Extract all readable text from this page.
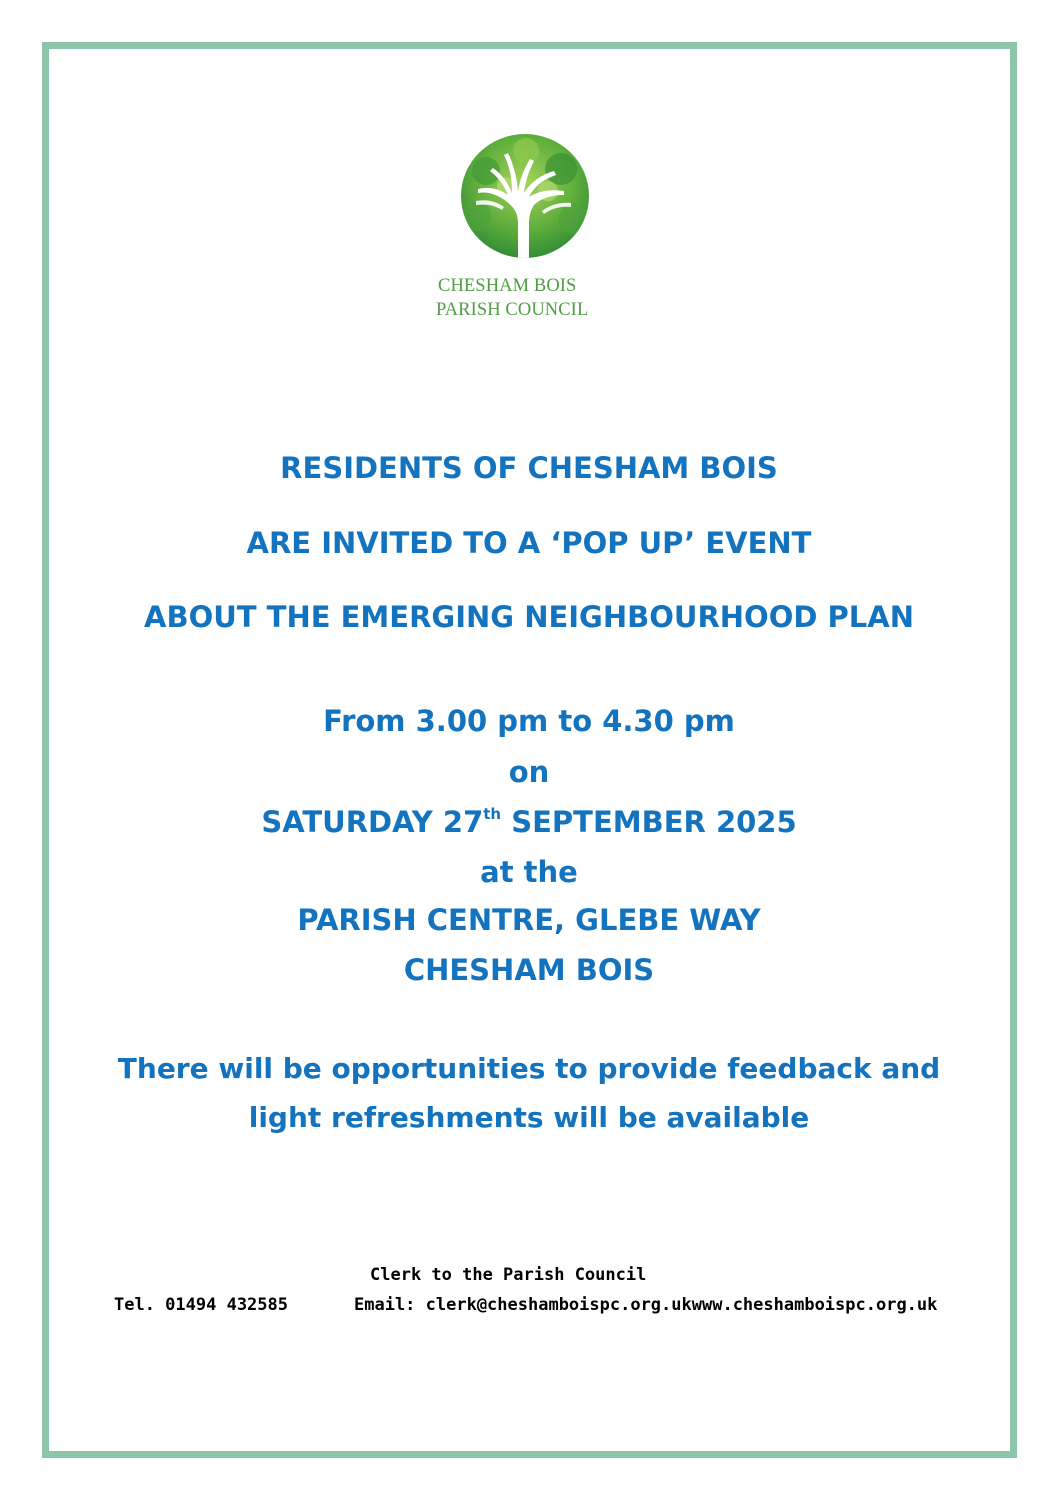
CHESHAM BOIS
PARISH COUNCIL
RESIDENTS OF CHESHAM BOIS
ARE INVITED TO A ‘POP UP’ EVENT
ABOUT THE EMERGING NEIGHBOURHOOD PLAN
From 3.00 pm to 4.30 pm
on
SATURDAY 27th SEPTEMBER 2025
at the
PARISH CENTRE, GLEBE WAY
CHESHAM BOIS
There will be opportunities to provide feedback and
light refreshments will be available
Clerk to the Parish Council
Tel. 01494 432585	Email: clerk@cheshamboispc.org.ukwww.cheshamboispc.org.uk
